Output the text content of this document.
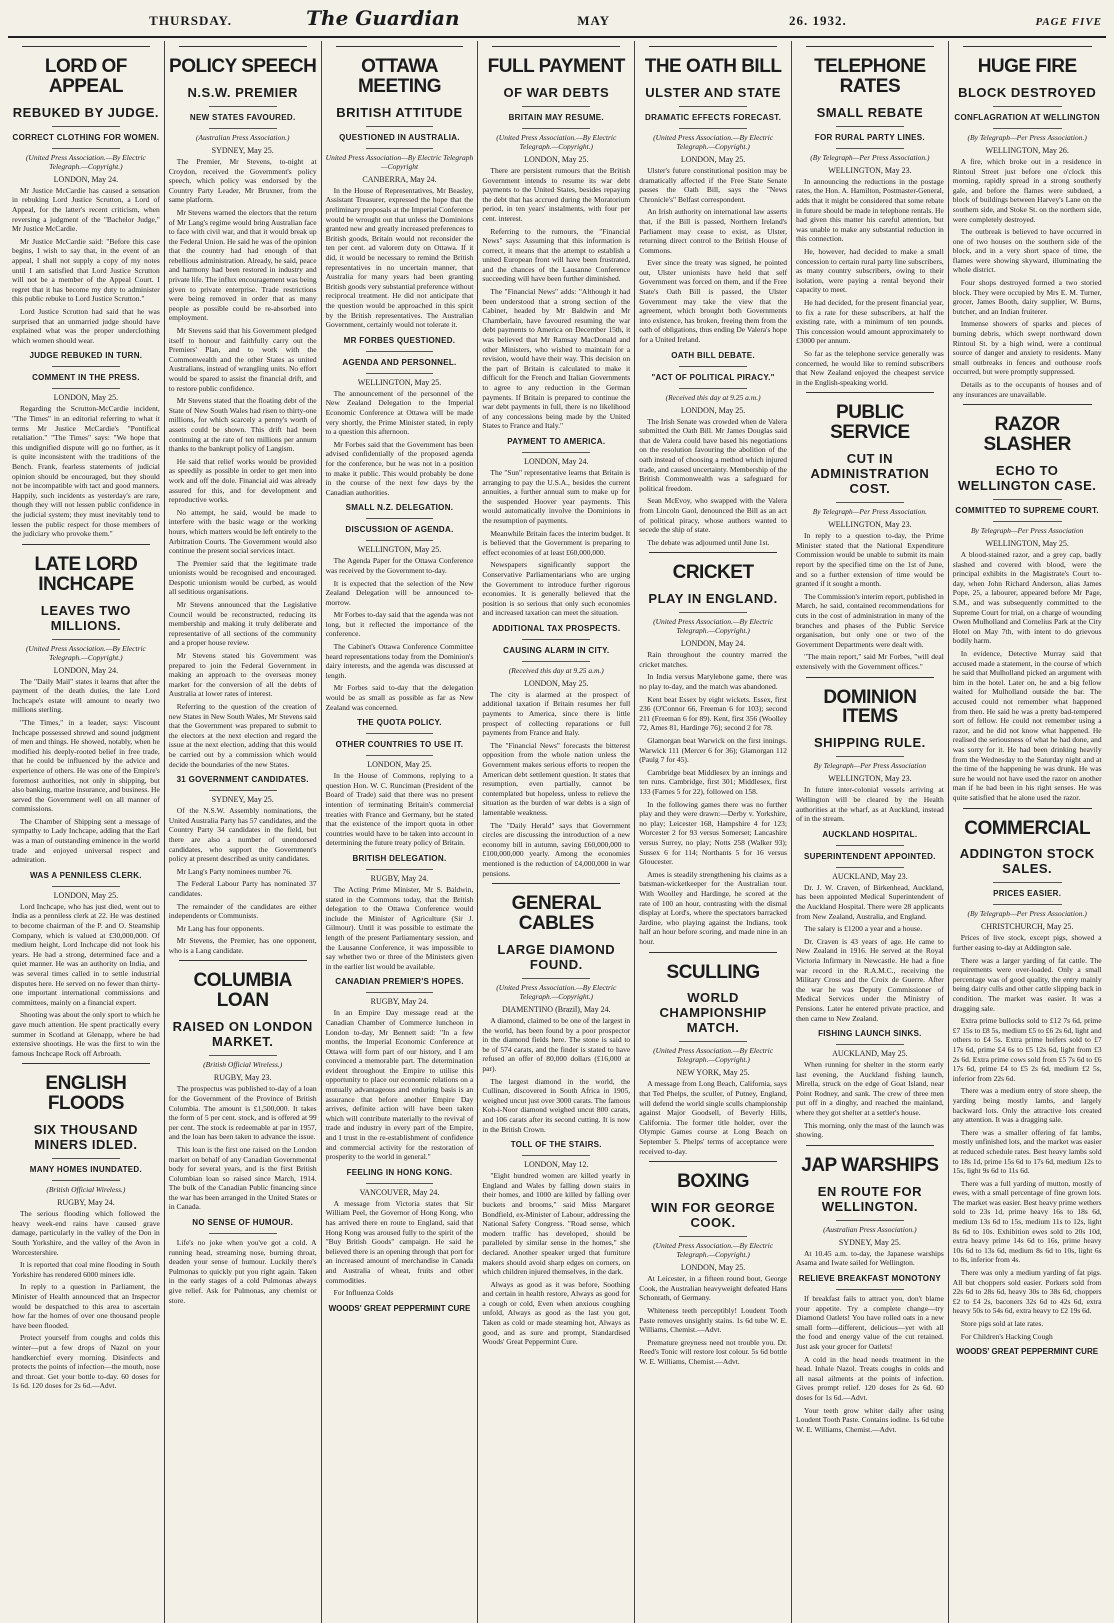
THURSDAY.	The Guardian	MAY	26. 1932.	PAGE FIVE
LORD OF APPEAL
REBUKED BY JUDGE.
CORRECT CLOTHING FOR WOMEN.
(United Press Association.—By Electric Telegraph.—Copyright.)
LONDON, May 24.

Mr Justice McCardie has caused a sensation in rebuking Lord Justice Scrutton, a Lord of Appeal, for the latter's recent criticism, when reversing a judgment of the "Bachelor Judge," Mr Justice McCardie.

Mr Justice McCardie said: "Before this case begins, I wish to say that, in the event of an appeal, I shall not supply a copy of my notes until I am satisfied that Lord Justice Scrutton will not be a member of the Appeal Court. I regret that it has become my duty to administer this public rebuke to Lord Justice Scrutton."

Lord Justice Scrutton had said that he was surprised that an unmarried judge should have explained what was the proper underclothing which women should wear.

JUDGE REBUKED IN TURN.
COMMENT IN THE PRESS.
LONDON, May 25.

Regarding the Scrutton-McCardie incident, "The Times" in an editorial referring to what it terms Mr Justice McCardie's "Pontifical retaliation." "The Times" says: "We hope that this undignified dispute will go no further, as it is quite inconsistent with the traditions of the Bench. Frank, fearless statements of judicial opinion should be encouraged, but they should not be incompatible with tact and good manners. Happily, such incidents as yesterday's are rare, though they will not lessen public confidence in the judicial system; they must inevitably tend to lessen the public respect for those members of the judiciary who provoke them."

LATE LORD INCHCAPE
LEAVES TWO MILLIONS.
(United Press Association.—By Electric Telegraph.—Copyright.)
LONDON, May 24.

The "Daily Mail" states it learns that after the payment of the death duties, the late Lord Inchcape's estate will amount to nearly two millions sterling.

"The Times," in a leader, says: Viscount Inchcape possessed shrewd and sound judgment of men and things. He showed, notably, when he modified his deeply-rooted belief in free trade, that he could be influenced by the advice and experience of others. He was one of the Empire's foremost authorities, not only in shipping, but also banking, marine insurance, and business. He served the Government well on all manner of commissions.

The Chamber of Shipping sent a message of sympathy to Lady Inchcape, adding that the Earl was a man of outstanding eminence in the world trade and enjoyed universal respect and admiration.

WAS A PENNILESS CLERK.
LONDON, May 25.

Lord Inchcape, who has just died, went out to India as a penniless clerk at 22. He was destined to become chairman of the P. and O. Steamship Company, which is valued at £30,000,000. Of medium height, Lord Inchcape did not look his years. He had a strong, determined face and a quiet manner. He was an authority on India, and was several times called in to settle industrial disputes here. He served on no fewer than thirty-one important international commissions and committees, mainly on a financial expert.

Shooting was about the only sport to which he gave much attention. He spent practically every summer in Scotland at Glenapp, where he had extensive shootings. He was the first to win the famous Inchcape Rock off Arbroath.

ENGLISH FLOODS
SIX THOUSAND MINERS IDLED.
MANY HOMES INUNDATED.
(British Official Wireless.)
RUGBY, May 24.

The serious flooding which followed the heavy week-end rains have caused grave damage, particularly in the valley of the Don in South Yorkshire, and the valley of the Avon in Worcestershire.

It is reported that coal mine flooding in South Yorkshire has rendered 6000 miners idle.

In reply to a question in Parliament, the Minister of Health announced that an Inspector would be despatched to this area to ascertain how far the homes of over one thousand people have been flooded.

Protect yourself from coughs and colds this winter—put a few drops of Nazol on your handkerchief every morning. Disinfects and protects the points of infection—the mouth, nose and throat. Get your bottle to-day. 60 doses for 1s 6d. 120 doses for 2s 6d.—Advt.

POLICY SPEECH
N.S.W. PREMIER
NEW STATES FAVOURED.
(Australian Press Association.)
SYDNEY, May 25.

The Premier, Mr Stevens, to-night at Croydon, received the Government's policy speech, which policy was endorsed by the Country Party Leader, Mr Bruxner, from the same platform.

Mr Stevens warned the electors that the return of Mr Lang's regime would bring Australian face to face with civil war, and that it would break up the Federal Union. He said he was of the opinion that the country had had enough of that rebellious administration. Already, he said, peace and harmony had been restored in industry and private life. The influx encouragement was being given to private enterprise. Trade restrictions were being removed in order that as many people as possible could be re-absorbed into employment.

Mr Stevens said that his Government pledged itself to honour and faithfully carry out the Premiers' Plan, and to work with the Commonwealth and the other States as united Australians, instead of wrangling units. No effort would be spared to assist the financial drift, and to restore public confidence.

Mr Stevens stated that the floating debt of the State of New South Wales had risen to thirty-one millions, for which scarcely a penny's worth of assets could be shown. This drift had been continuing at the rate of ten millions per annum thanks to the bankrupt policy of Langism.

He said that relief works would be provided as speedily as possible in order to get men into work and off the dole. Financial aid was already assured for this, and for development and reproductive works.

No attempt, he said, would be made to interfere with the basic wage or the working hours, which matters would be left entirely to the Arbitration Courts. The Government would also continue the present social services intact.

The Premier said that the legitimate trade unionists would be recognised and encouraged. Despotic unionism would be curbed, as would all seditious organisations.

Mr Stevens announced that the Legislative Council would be reconstructed, reducing its membership and making it truly deliberate and representative of all sections of the community and a proper house review.

Mr Stevens stated his Government was prepared to join the Federal Government in making an approach to the overseas money market for the conversion of all the debts of Australia at lower rates of interest.

Referring to the question of the creation of new States in New South Wales, Mr Stevens said that the Government was prepared to submit to the electors at the next election and regard the issue at the next election, adding that this would be carried out by a commission which would decide the boundaries of the new States.

31 GOVERNMENT CANDIDATES.
SYDNEY, May 25.

Of the N.S.W. Assembly nominations, the United Australia Party has 57 candidates, and the Country Party 34 candidates in the field, but there are also a number of unendorsed candidates, who support the Government's policy at present described as unity candidates.

Mr Lang's Party nominees number 76.

The Federal Labour Party has nominated 37 candidates.

The remainder of the candidates are either independents or Communists.

Mr Lang has four opponents.

Mr Stevens, the Premier, has one opponent, who is a Lang candidate.

COLUMBIA LOAN
RAISED ON LONDON MARKET.
(British Official Wireless.)
RUGBY, May 23.

The prospectus was published to-day of a loan for the Government of the Province of British Columbia. The amount is £1,500,000. It takes the form of 5 per cent. stock, and is offered at 99 per cent. The stock is redeemable at par in 1957, and the loan has been taken to advance the issue.

This loan is the first one raised on the London market on behalf of any Canadian Governmental body for several years, and is the first British Columbian loan so raised since March, 1914. The bulk of the Canadian Public financing since the war has been arranged in the United States or in Canada.

NO SENSE OF HUMOUR.

Life's no joke when you've got a cold. A running head, streaming nose, burning throat, deaden your sense of humour. Luckily there's Pulmonas to quickly put you right again. Taken in the early stages of a cold Pulmonas always give relief. Ask for Pulmonas, any chemist or store.

OTTAWA MEETING
BRITISH ATTITUDE
QUESTIONED IN AUSTRALIA.
United Press Association—By Electric Telegraph—Copyright
CANBERRA, May 24.

In the House of Representatives, Mr Beasley, Assistant Treasurer, expressed the hope that the preliminary proposals at the Imperial Conference would be wrought out that unless the Dominions granted new and greatly increased preferences to British goods, Britain would not reconsider the ten per cent. ad valorem duty on Ottawa. If it did, it would be necessary to remind the British representatives in no uncertain manner, that Australia for many years had been granting British goods very substantial preference without reciprocal treatment. He did not anticipate that the question would be approached in this spirit by the British representatives. The Australian Government, certainly would not tolerate it.

MR FORBES QUESTIONED.
AGENDA AND PERSONNEL.
WELLINGTON, May 25.

The announcement of the personnel of the New Zealand Delegation to the Imperial Economic Conference at Ottawa will be made very shortly, the Prime Minister stated, in reply to a question this afternoon.

Mr Forbes said that the Government has been advised confidentially of the proposed agenda for the conference, but he was not in a position to make it public. This would probably be done in the course of the next few days by the Canadian authorities.

SMALL N.Z. DELEGATION.
DISCUSSION OF AGENDA.
WELLINGTON, May 25.

The Agenda Paper for the Ottawa Conference was received by the Government to-day.

It is expected that the selection of the New Zealand Delegation will be announced to-morrow.

Mr Forbes to-day said that the agenda was not long, but it reflected the importance of the conference.

The Cabinet's Ottawa Conference Committee heard representations today from the Dominion's dairy interests, and the agenda was discussed at length.

Mr Forbes said to-day that the delegation would be as small as possible as far as New Zealand was concerned.

THE QUOTA POLICY.
OTHER COUNTRIES TO USE IT.
LONDON, May 25.

In the House of Commons, replying to a question Hon. W. C. Runciman (President of the Board of Trade) said that there was no present intention of terminating Britain's commercial treaties with France and Germany, but he stated that the existence of the import quota in other countries would have to be taken into account in determining the future treaty policy of Britain.

BRITISH DELEGATION.
RUGBY, May 24.

The Acting Prime Minister, Mr S. Baldwin, stated in the Commons today, that the British delegation to the Ottawa Conference would include the Minister of Agriculture (Sir J. Gilmour). Until it was possible to estimate the length of the present Parliamentary session, and the Lausanne Conference, it was impossible to say whether two or three of the Ministers given in the earlier list would be available.

CANADIAN PREMIER'S HOPES.
RUGBY, May 24.

In an Empire Day message read at the Canadian Chamber of Commerce luncheon in London to-day, Mr Bennett said: "In a few months, the Imperial Economic Conference at Ottawa will form part of our history, and I am convinced a memorable part. The determination evident throughout the Empire to utilise this opportunity to place our economic relations on a mutually advantageous and enduring basis is an assurance that before another Empire Day arrives, definite action will have been taken which will contribute materially to the revival of trade and industry in every part of the Empire, and I trust in the re-establishment of confidence and commercial activity for the restoration of prosperity to the world in general."

FEELING IN HONG KONG.
VANCOUVER, May 24.

A message from Victoria states that Sir William Peel, the Governor of Hong Kong, who has arrived there en route to England, said that Hong Kong was aroused fully to the spirit of the "Buy British Goods" campaign. He said he believed there is an opening through that port for an increased amount of merchandise in Canada and Australia of wheat, fruits and other commodities.

For Influenza Colds

WOODS' GREAT PEPPERMINT CURE
FULL PAYMENT
OF WAR DEBTS
BRITAIN MAY RESUME.
(United Press Association.—By Electric Telegraph.—Copyright.)
LONDON, May 25.

There are persistent rumours that the British Government intends to resume its war debt payments to the United States, besides repaying the debt that has accrued during the Moratorium period, in ten years' instalments, with four per cent. interest.

Referring to the rumours, the "Financial News" says: Assuming that this information is correct, it means that the attempt to establish a united European front will have been frustrated, and the chances of the Lausanne Conference succeeding will have been further diminished.

The "Financial News" adds: "Although it had been understood that a strong section of the Cabinet, headed by Mr Baldwin and Mr Chamberlain, have favoured resuming the war debt payments to America on December 15th, it was believed that Mr Ramsay MacDonald and other Ministers, who wished to maintain for a revision, would have their way. This decision on the part of Britain is calculated to make it difficult for the French and Italian Governments to agree to any reduction in the German payments. If Britain is prepared to continue the war debt payments in full, there is no likelihood of any concessions being made by the United States to France and Italy."

PAYMENT TO AMERICA.
LONDON, May 24.

The "Sun" representative learns that Britain is arranging to pay the U.S.A., besides the current annuities, a further annual sum to make up for the suspended Hoover year payments. This would automatically involve the Dominions in the resumption of payments.

Meanwhile Britain faces the interim budget. It is believed that the Government is preparing to effect economies of at least £60,000,000.

Newspapers significantly support the Conservative Parliamentarians who are urging the Government to introduce further rigorous economies. It is generally believed that the position is so serious that only such economies and increased taxation can meet the situation.

ADDITIONAL TAX PROSPECTS.
CAUSING ALARM IN CITY.
(Received this day at 9.25 a.m.)
LONDON, May 25.

The city is alarmed at the prospect of additional taxation if Britain resumes her full payments to America, since there is little prospect of collecting reparations or full payments from France and Italy.

The "Financial News" forecasts the bitterest opposition from the whole nation unless the Government makes serious efforts to reopen the American debt settlement question. It states that resumption, even partially, cannot be contemplated but hopeless, unless to relieve the situation as the burden of war debts is a sign of lamentable weakness.

The "Daily Herald" says that Government circles are discussing the introduction of a new economy bill in autumn, saving £60,000,000 to £100,000,000 yearly. Among the economies mentioned is the reduction of £4,000,000 in war pensions.

GENERAL CABLES
LARGE DIAMOND FOUND.
(United Press Association.—By Electric Telegraph.—Copyright.)
DIAMENTINO (Brazil), May 24.

A diamond, claimed to be one of the largest in the world, has been found by a poor prospector in the diamond fields here. The stone is said to be of 574 carats, and the finder is stated to have refused an offer of 80,000 dollars (£16,000 at par).

The largest diamond in the world, the Cullinan, discovered in South Africa in 1905, weighed uncut just over 3000 carats. The famous Koh-i-Noor diamond weighed uncut 800 carats, and 106 carats after its second cutting. It is now in the British Crown.

TOLL OF THE STAIRS.
LONDON, May 12.

"Eight hundred women are killed yearly in England and Wales by falling down stairs in their homes, and 1000 are killed by falling over buckets and brooms," said Miss Margaret Bondfield, ex-Minister of Labour, addressing the National Safety Congress. "Road sense, which modern traffic has developed, should be paralleled by similar sense in the homes," she declared. Another speaker urged that furniture makers should avoid sharp edges on corners, on which children injured themselves, in the dark.

Always as good as it was before, Soothing and certain in health restore, Always as good for a cough or cold, Even when anxious coughing unfold, Always as good as the last you got, Taken as cold or made steaming hot, Always as good, and as sure and prompt, Standardised Woods' Great Peppermint Cure.

THE OATH BILL
ULSTER AND STATE
DRAMATIC EFFECTS FORECAST.
(United Press Association.—By Electric Telegraph.—Copyright.)
LONDON, May 25.

Ulster's future constitutional position may be dramatically affected if the Free State Senate passes the Oath Bill, says the "News Chronicle's" Belfast correspondent.

An Irish authority on international law asserts that, if the Bill is passed, Northern Ireland's Parliament may cease to exist, as Ulster, returning direct control to the British House of Commons.

Ever since the treaty was signed, he pointed out, Ulster unionists have held that self Government was forced on them, and if the Free State's Oath Bill is passed, the Ulster Government may take the view that the agreement, which brought both Governments into existence, has broken, freeing them from the oath of obligations, thus ending De Valera's hope for a United Ireland.

OATH BILL DEBATE.
"ACT OF POLITICAL PIRACY."
(Received this day at 9.25 a.m.)
LONDON, May 25.

The Irish Senate was crowded when de Valera submitted the Oath Bill. Mr James Douglas said that de Valera could have based his negotiations on the resolution favouring the abolition of the oath instead of choosing a method which injured trade, and caused uncertainty. Membership of the British Commonwealth was a safeguard for political freedom.

Sean McEvoy, who swapped with the Valera from Lincoln Gaol, denounced the Bill as an act of political piracy, whose authors wanted to secede the ship of state.

The debate was adjourned until June 1st.

CRICKET
PLAY IN ENGLAND.
(United Press Association.—By Electric Telegraph.—Copyright.)
LONDON, May 24.

Rain throughout the country marred the cricket matches.

In India versus Marylebone game, there was no play to-day, and the match was abandoned.

Kent beat Essex by eight wickets. Essex, first 236 (O'Connor 66, Freeman 6 for 103); second 211 (Freeman 6 for 89). Kent, first 356 (Woolley 72, Ames 81, Hardinge 76); second 2 for 78.

Glamorgan beat Warwick on the first innings. Warwick 111 (Mercer 6 for 36); Glamorgan 112 (Paulg 7 for 45).

Cambridge beat Middlesex by an innings and ten runs. Cambridge, first 301; Middlesex, first 133 (Farnes 5 for 22), followed on 158.

In the following games there was no further play and they were drawn:—Derby v. Yorkshire, no play; Leicester 168, Hampshire 4 for 123; Worcester 2 for 93 versus Somerset; Lancashire versus Surrey, no play; Notts 258 (Walker 93); Sussex 6 for 114; Northants 5 for 16 versus Gloucester.

Ames is steadily strengthening his claims as a batsman-wicketkeeper for the Australian tour. With Woolley and Hardinge, he scored at the rate of 100 an hour, contrasting with the dismal display at Lord's, where the spectators barracked Jardine, who playing against the Indians, took half an hour before scoring, and made nine in an hour.

SCULLING
WORLD CHAMPIONSHIP MATCH.
(United Press Association.—By Electric Telegraph.—Copyright.)
NEW YORK, May 25.

A message from Long Beach, California, says that Ted Phelps, the sculler, of Putney, England, will defend the world single sculls championship against Major Goodsell, of Beverly Hills, California. The former title holder, over the Olympic Games course at Long Beach on September 5. Phelps' terms of acceptance were received to-day.

BOXING
WIN FOR GEORGE COOK.
(United Press Association.—By Electric Telegraph.—Copyright.)
LONDON, May 25.

At Leicester, in a fifteen round bout, George Cook, the Australian heavyweight defeated Hans Schonrath, of Germany.

Whiteness teeth perceptibly! Loudent Tooth Paste removes unsightly stains. 1s 6d tube W. E. Williams, Chemist.—Advt.

Premature greyness need not trouble you. Dr. Reed's Tonic will restore lost colour. 5s 6d bottle W. E. Williams, Chemist.—Advt.

TELEPHONE RATES
SMALL REBATE
FOR RURAL PARTY LINES.
(By Telegraph—Per Press Association.)
WELLINGTON, May 23.

In announcing the reductions in the postage rates, the Hon. A. Hamilton, Postmaster-General, adds that it might be considered that some rebate in future should be made in telephone rentals. He had given this matter his careful attention, but was unable to make any substantial reduction in this connection.

He, however, had decided to make a small concession to certain rural party line subscribers, as many country subscribers, owing to their isolation, were paying a rental beyond their capacity to meet.

He had decided, for the present financial year, to fix a rate for these subscribers, at half the existing rate, with a minimum of ten pounds. This concession would amount approximately to £3000 per annum.

So far as the telephone service generally was concerned, he would like to remind subscribers that New Zealand enjoyed the cheapest service in the English-speaking world.

PUBLIC SERVICE
CUT IN ADMINISTRATION COST.
By Telegraph—Per Press Association.
WELLINGTON, May 23.

In reply to a question to-day, the Prime Minister stated that the National Expenditure Commission would be unable to submit its main report by the specified time on the 1st of June, and so a further extension of time would be granted if it sought a month.

The Commission's interim report, published in March, he said, contained recommendations for cuts in the cost of administration in many of the branches and phases of the Public Service organisation, but only one or two of the Government Departments were dealt with.

"The main report," said Mr Forbes, "will deal extensively with the Government offices."

DOMINION ITEMS
SHIPPING RULE.
By Telegraph—Per Press Association
WELLINGTON, May 23.

In future inter-colonial vessels arriving at Wellington will be cleared by the Health authorities at the wharf, as at Auckland, instead of in the stream.

AUCKLAND HOSPITAL.
SUPERINTENDENT APPOINTED.
AUCKLAND, May 23.

Dr. J. W. Craven, of Birkenhead, Auckland, has been appointed Medical Superintendent of the Auckland Hospital. There were 28 applicants from New Zealand, Australia, and England.

The salary is £1200 a year and a house.

Dr. Craven is 43 years of age. He came to New Zealand in 1916. He served at the Royal Victoria Infirmary in Newcastle. He had a fine war record in the R.A.M.C., receiving the Military Cross and the Croix de Guerre. After the war he was Deputy Commissioner of Medical Services under the Ministry of Pensions. Later he entered private practice, and then came to New Zealand.

FISHING LAUNCH SINKS.
AUCKLAND, May 25.

When running for shelter in the storm early last evening, the Auckland fishing launch, Mirella, struck on the edge of Goat Island, near Point Rodney, and sank. The crew of three men put off in a dinghy, and reached the mainland, where they got shelter at a settler's house.

This morning, only the mast of the launch was showing.

JAP WARSHIPS
EN ROUTE FOR WELLINGTON.
(Australian Press Association.)
SYDNEY, May 25.

At 10.45 a.m. to-day, the Japanese warships Asama and Iwate sailed for Wellington.

RELIEVE BREAKFAST MONOTONY

If breakfast fails to attract you, don't blame your appetite. Try a complete change—try Diamond Oatlets! You have rolled oats in a new small form—different, delicious—yet with all the food and energy value of the cut retained. Just ask your grocer for Oatlets!

A cold in the head needs treatment in the head. Inhale Nazol. Treats coughs in colds and all nasal ailments at the points of infection. Gives prompt relief. 120 doses for 2s 6d. 60 doses for 1s 6d.—Advt.

Your teeth grow whiter daily after using Loudent Tooth Paste. Contains iodine. 1s 6d tube W. E. Williams, Chemist.—Advt.

HUGE FIRE
BLOCK DESTROYED
CONFLAGRATION AT WELLINGTON
(By Telegraph—Per Press Association.)
WELLINGTON, May 26.

A fire, which broke out in a residence in Rintoul Street just before one o'clock this morning, rapidly spread in a strong southerly gale, and before the flames were subdued, a block of buildings between Harvey's Lane on the southern side, and Stoke St. on the northern side, were completely destroyed.

The outbreak is believed to have occurred in one of two houses on the southern side of the block, and in a very short space of time, the flames were showing skyward, illuminating the whole district.

Four shops destroyed formed a two storied block. They were occupied by Mrs E. M. Turner, grocer, James Booth, dairy supplier, W. Burns, butcher, and an Indian fruiterer.

Immense showers of sparks and pieces of burning debris, which swept northward down Rintoul St. by a high wind, were a continual source of danger and anxiety to residents. Many small outbreaks in fences and outhouse roofs occurred, but were promptly suppressed.

Details as to the occupants of houses and of any insurances are unavailable.

RAZOR SLASHER
ECHO TO WELLINGTON CASE.
COMMITTED TO SUPREME COURT.
By Telegraph—Per Press Association
WELLINGTON, May 25.

A blood-stained razor, and a grey cap, badly slashed and covered with blood, were the principal exhibits in the Magistrate's Court to-day, when John Richard Anderson, alias James Pope, 25, a labourer, appeared before Mr Page, S.M., and was subsequently committed to the Supreme Court for trial, on a charge of wounding Owen Mulholland and Cornelius Park at the City Hotel on May 7th, with intent to do grievous bodily harm.

In evidence, Detective Murray said that accused made a statement, in the course of which he said that Mulholland picked an argument with him in the hotel. Later on, he and a big fellow waited for Mulholland outside the bar. The accused could not remember what happened from then. He said he was a pretty bad-tempered sort of fellow. He could not remember using a razor, and he did not know what happened. He realised the seriousness of what he had done, and was sorry for it. He had been drinking heavily from the Wednesday to the Saturday night and at the time of the happening he was drunk. He was sure he would not have used the razor on another man if he had been in his right senses. He was quite satisfied that he alone used the razor.

COMMERCIAL
ADDINGTON STOCK SALES.
PRICES EASIER.
(By Telegraph—Per Press Association.)
CHRISTCHURCH, May 25.

Prices of live stock, except pigs, showed a further easing to-day at Addington sale.

There was a larger yarding of fat cattle. The requirements were over-loaded. Only a small percentage was of good quality, the entry mainly being dairy culls and other cattle slipping back in condition. The market was easier. It was a dragging sale.

Extra prime bullocks sold to £12 7s 6d, prime £7 15s to £8 5s, medium £5 to £6 2s 6d, light and others to £4 5s. Extra prime heifers sold to £7 17s 6d, prime £4 6s to £5 12s 6d, light from £3 2s 6d. Extra prime cows sold from £5 7s 6d to £6 17s 6d, prime £4 to £5 2s 6d, medium £2 5s, inferior from 22s 6d.

There was a medium entry of store sheep, the yarding being mostly lambs, and largely backward lots. Only the attractive lots created any attention. It was a dragging sale.

There was a smaller offering of fat lambs, mostly unfinished lots, and the market was easier at reduced schedule rates. Best heavy lambs sold to 18s 1d, prime 15s 6d to 17s 6d, medium 12s to 15s, light 9s 6d to 11s 6d.

There was a full yarding of mutton, mostly of ewes, with a small percentage of fine grown lots. The market was easier. Best heavy prime wethers sold to 23s 1d, prime heavy 16s to 18s 6d, medium 13s 6d to 15s, medium 11s to 12s, light 8s 6d to 10s. Exhibition ewes sold to 20s 10d, extra heavy prime 14s 6d to 16s, prime heavy 10s 6d to 13s 6d, medium 8s 6d to 10s, light 6s to 8s, inferior from 4s.

There was only a medium yarding of fat pigs. All but choppers sold easier. Porkers sold from 22s 6d to 28s 6d, heavy 30s to 38s 6d, choppers £2 to £4 2s, baconers 32s 6d to 42s 6d, extra heavy 50s to 54s 6d, extra heavy to £2 19s 6d.

Store pigs sold at late rates.

For Children's Hacking Cough

WOODS' GREAT PEPPERMINT CURE
